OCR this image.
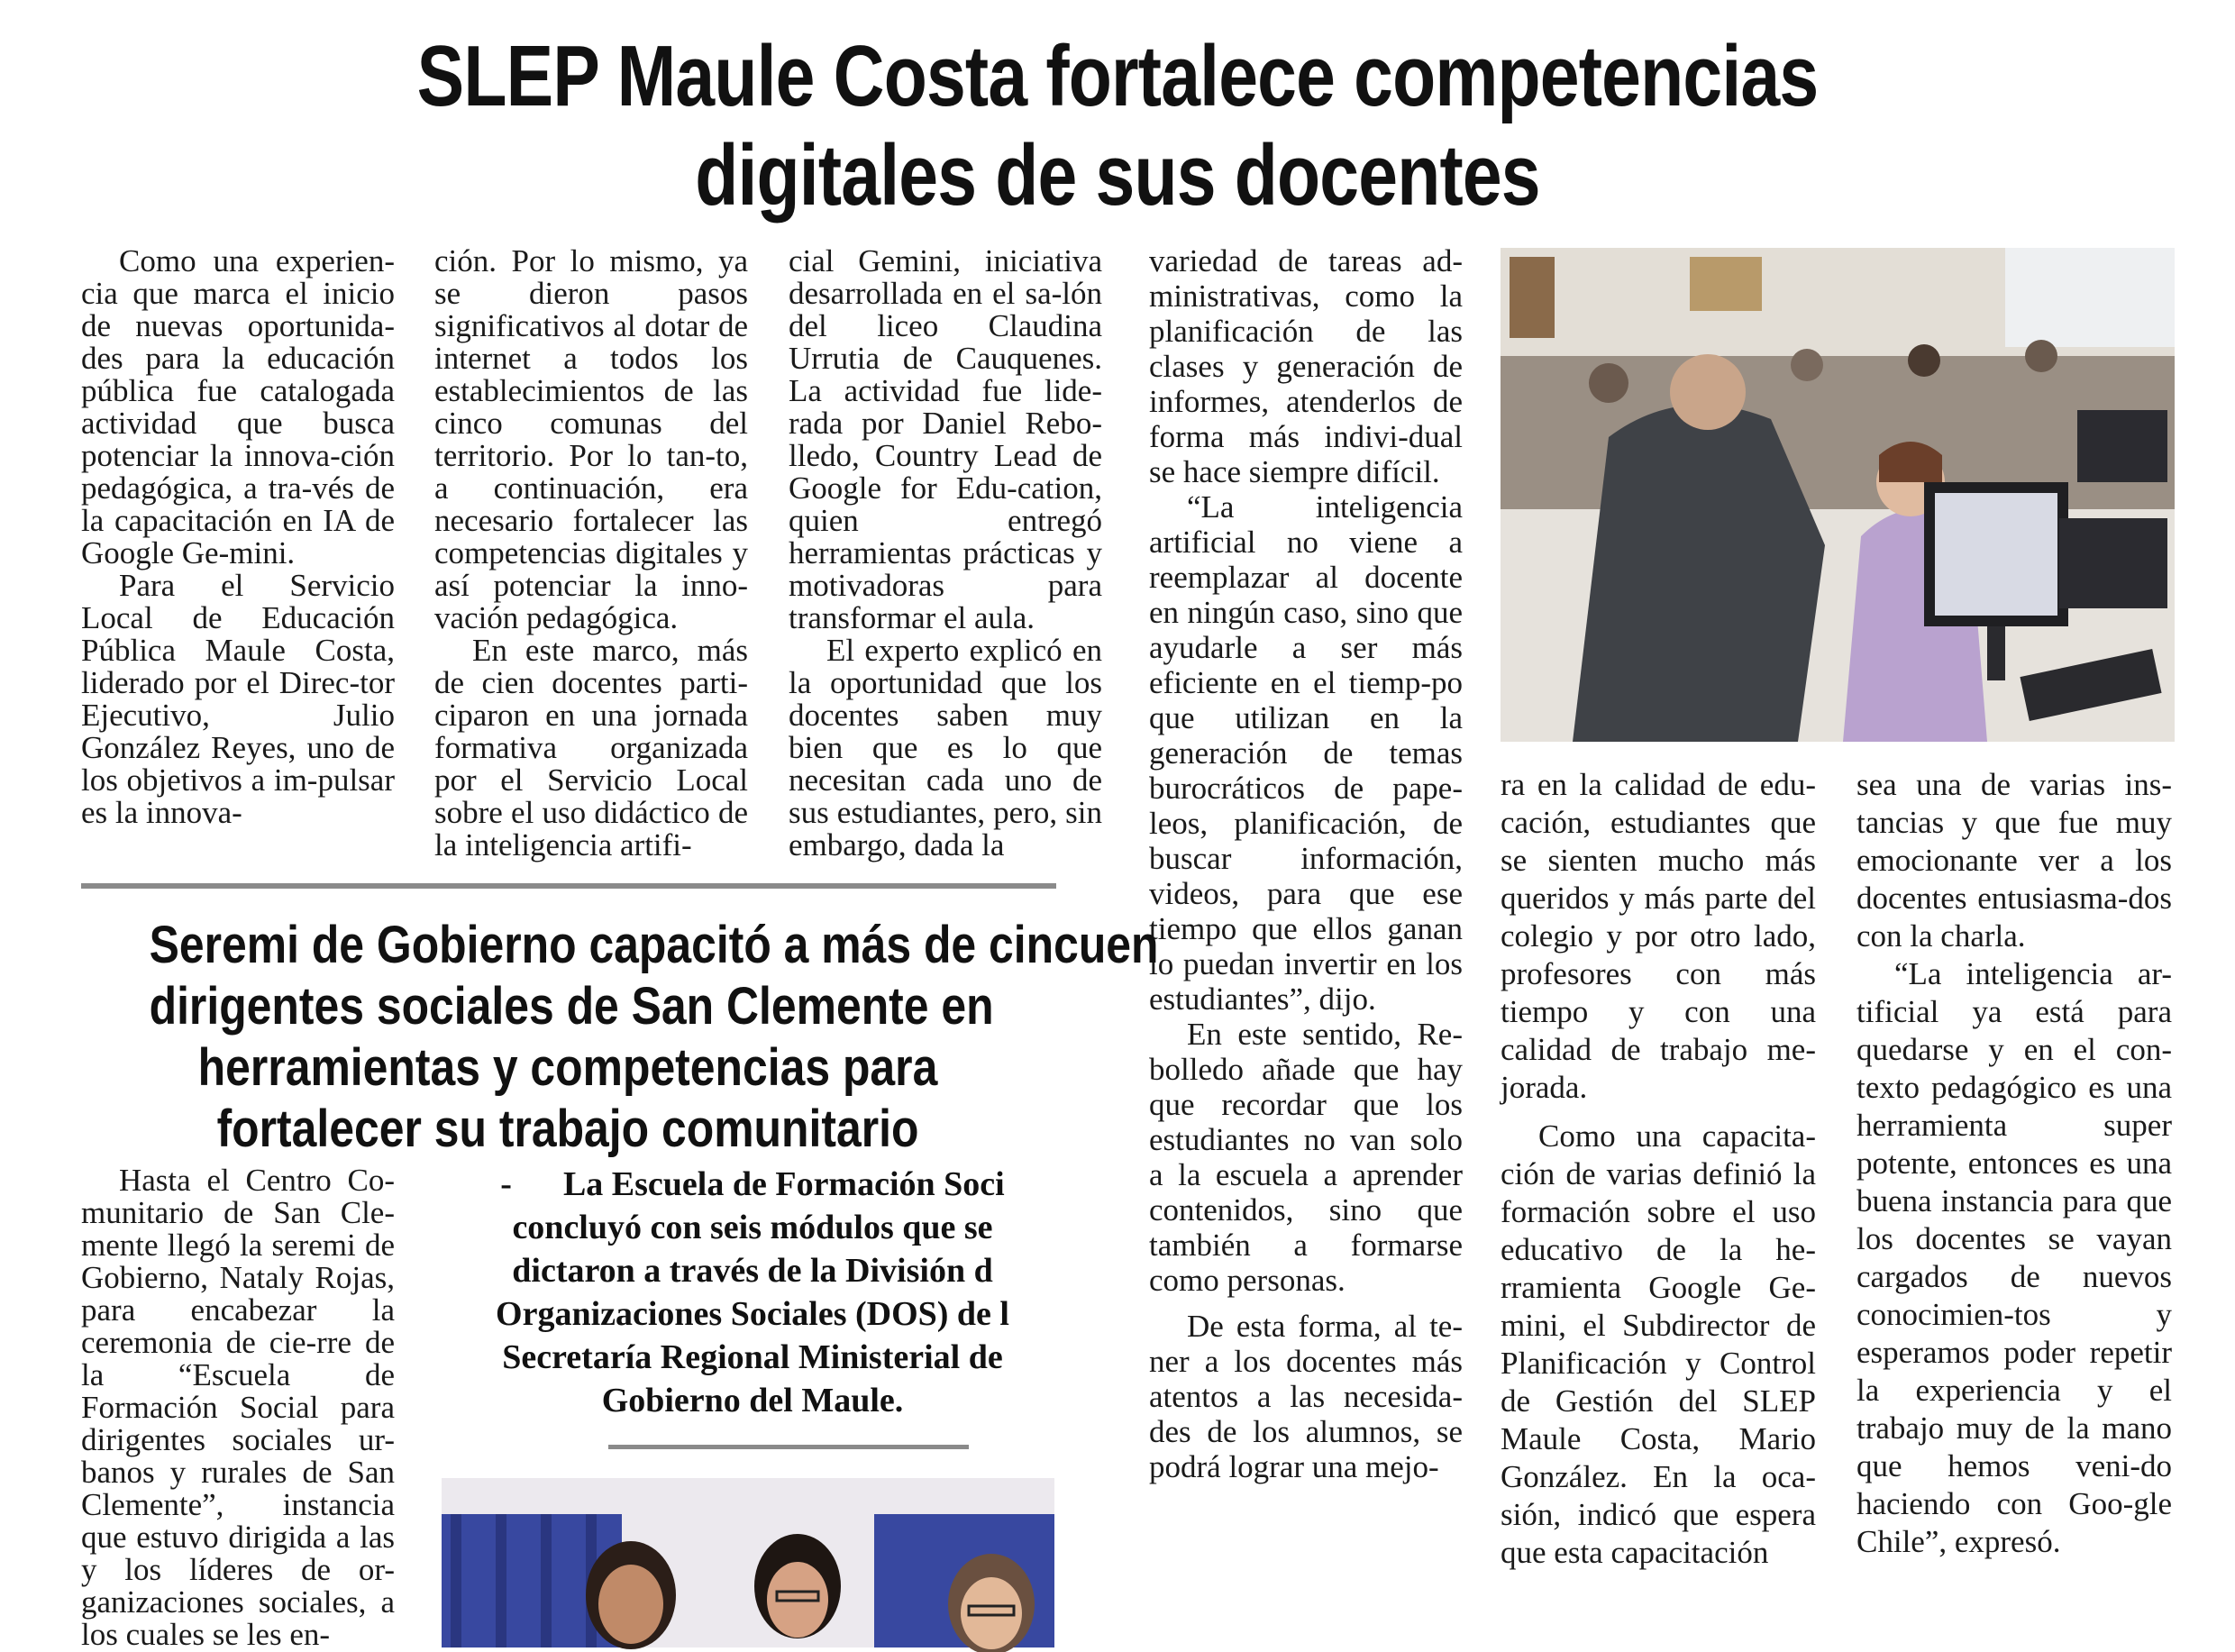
SLEP Maule Costa fortalece competencias
digitales de sus docentes

Como una experien-cia que marca el inicio de nuevas oportunida-des para la educación pública fue catalogada actividad que busca potenciar la innova-ción pedagógica, a tra-vés de la capacitación en IA de Google Ge-mini.

Para el Servicio Local de Educación Pública Maule Costa, liderado por el Direc-tor Ejecutivo, Julio González Reyes, uno de los objetivos a im-pulsar es la innova-

ción. Por lo mismo, ya se dieron pasos significativos al dotar de internet a todos los establecimientos de las cinco comunas del territorio. Por lo tan-to, a continuación, era necesario fortalecer las competencias digitales y así potenciar la inno-vación pedagógica.

En este marco, más de cien docentes parti-ciparon en una jornada formativa organizada por el Servicio Local sobre el uso didáctico de la inteligencia artifi-

cial Gemini, iniciativa desarrollada en el sa-lón del liceo Claudina Urrutia de Cauquenes. La actividad fue lide-rada por Daniel Rebo-lledo, Country Lead de Google for Edu-cation, quien entregó herramientas prácticas y motivadoras para transformar el aula.

El experto explicó en la oportunidad que los docentes saben muy bien que es lo que necesitan cada uno de sus estudiantes, pero, sin embargo, dada la

variedad de tareas ad-ministrativas, como la planificación de las clases y generación de informes, atenderlos de forma más indivi-dual se hace siempre difícil.

“La inteligencia artificial no viene a reemplazar al docente en ningún caso, sino que ayudarle a ser más eficiente en el tiemp-po que utilizan en la generación de temas burocráticos de pape-leos, planificación, de buscar información, videos, para que ese tiempo que ellos ganan lo puedan invertir en los estudiantes”, dijo.

En este sentido, Re-bolledo añade que hay que recordar que los estudiantes no van solo a la escuela a aprender contenidos, sino que también a formarse como personas.

De esta forma, al te-ner a los docentes más atentos a las necesida-des de los alumnos, se podrá lograr una mejo-

ra en la calidad de edu-cación, estudiantes que se sienten mucho más queridos y más parte del colegio y por otro lado, profesores con más tiempo y con una calidad de trabajo me-jorada.

Como una capacita-ción de varias definió la formación sobre el uso educativo de la he-rramienta Google Ge-mini, el Subdirector de Planificación y Control de Gestión del SLEP Maule Costa, Mario González. En la oca-sión, indicó que espera que esta capacitación

sea una de varias ins-tancias y que fue muy emocionante ver a los docentes entusiasma-dos con la charla.

“La inteligencia ar-tificial ya está para quedarse y en el con-texto pedagógico es una herramienta super potente, entonces es una buena instancia para que los docentes se vayan cargados de nuevos conocimien-tos y esperamos poder repetir la experiencia y el trabajo muy de la mano que hemos veni-do haciendo con Goo-gle Chile”, expresó.

Seremi de Gobierno capacitó a más de cincuen
dirigentes sociales de San Clemente en
herramientas y competencias para
fortalecer su trabajo comunitario

Hasta el Centro Co-munitario de San Cle-mente llegó la seremi de Gobierno, Nataly Rojas, para encabezar la ceremonia de cie-rre de la “Escuela de Formación Social para dirigentes sociales ur-banos y rurales de San Clemente”, instancia que estuvo dirigida a las y los líderes de or-ganizaciones sociales, a los cuales se les en-

-      La Escuela de Formación Soci
concluyó con seis módulos que se
dictaron a través de la División d
Organizaciones Sociales (DOS) de l
Secretaría Regional Ministerial de
Gobierno del Maule.
